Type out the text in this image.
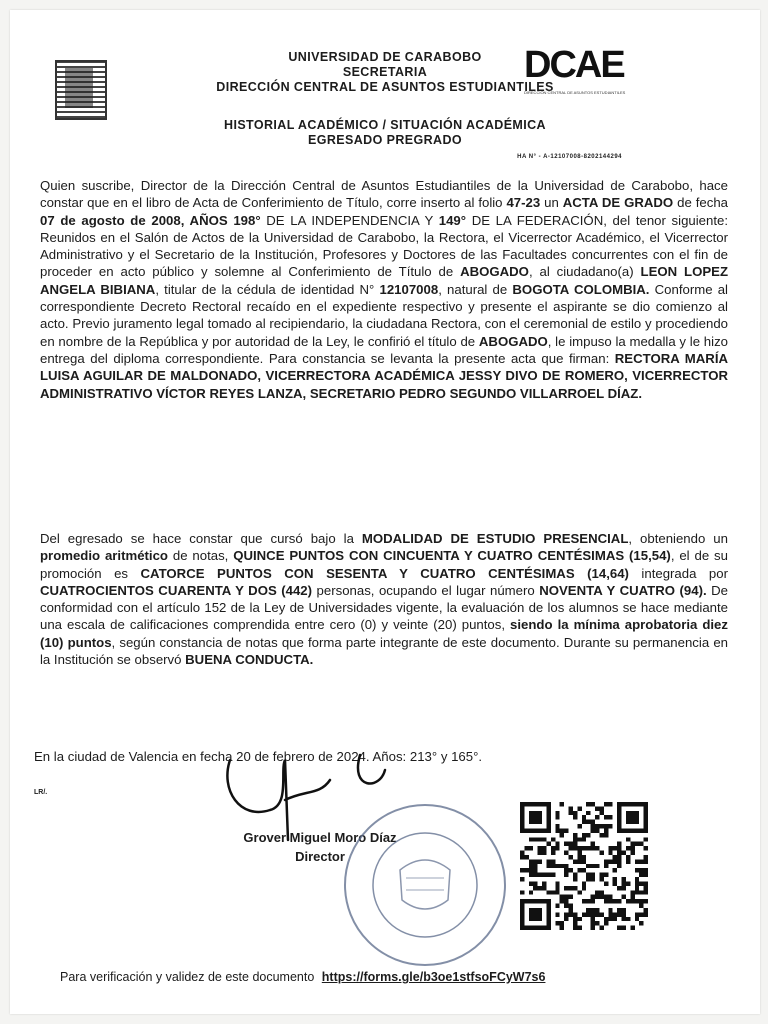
UNIVERSIDAD DE CARABOBO
SECRETARIA
DIRECCIÓN CENTRAL DE ASUNTOS ESTUDIANTILES
DCAE
DIRECCIÓN CENTRAL DE ASUNTOS ESTUDIANTILES
HISTORIAL ACADÉMICO / SITUACIÓN ACADÉMICA
EGRESADO PREGRADO
HA N° - A-12107008-8202144294
Quien suscribe, Director de la Dirección Central de Asuntos Estudiantiles de la Universidad de Carabobo, hace constar que en el libro de Acta de Conferimiento de Título, corre inserto al folio 47-23 un ACTA DE GRADO de fecha 07 de agosto de 2008, AÑOS 198° DE LA INDEPENDENCIA Y 149° DE LA FEDERACIÓN, del tenor siguiente: Reunidos en el Salón de Actos de la Universidad de Carabobo, la Rectora, el Vicerrector Académico, el Vicerrector Administrativo y el Secretario de la Institución, Profesores y Doctores de las Facultades concurrentes con el fin de proceder en acto público y solemne al Conferimiento de Título de ABOGADO, al ciudadano(a) LEON LOPEZ ANGELA BIBIANA, titular de la cédula de identidad N° 12107008, natural de BOGOTA COLOMBIA. Conforme al correspondiente Decreto Rectoral recaído en el expediente respectivo y presente el aspirante se dio comienzo al acto. Previo juramento legal tomado al recipiendario, la ciudadana Rectora, con el ceremonial de estilo y procediendo en nombre de la República y por autoridad de la Ley, le confirió el título de ABOGADO, le impuso la medalla y le hizo entrega del diploma correspondiente. Para constancia se levanta la presente acta que firman: RECTORA MARÍA LUISA AGUILAR DE MALDONADO, VICERRECTORA ACADÉMICA JESSY DIVO DE ROMERO, VICERRECTOR ADMINISTRATIVO VÍCTOR REYES LANZA, SECRETARIO PEDRO SEGUNDO VILLARROEL DÍAZ.
Del egresado se hace constar que cursó bajo la MODALIDAD DE ESTUDIO PRESENCIAL, obteniendo un promedio aritmético de notas, QUINCE PUNTOS CON CINCUENTA Y CUATRO CENTÉSIMAS (15,54), el de su promoción es CATORCE PUNTOS CON SESENTA Y CUATRO CENTÉSIMAS (14,64) integrada por CUATROCIENTOS CUARENTA Y DOS (442) personas, ocupando el lugar número NOVENTA Y CUATRO (94). De conformidad con el artículo 152 de la Ley de Universidades vigente, la evaluación de los alumnos se hace mediante una escala de calificaciones comprendida entre cero (0) y veinte (20) puntos, siendo la mínima aprobatoria diez (10) puntos, según constancia de notas que forma parte integrante de este documento. Durante su permanencia en la Institución se observó BUENA CONDUCTA.
En la ciudad de Valencia en fecha 20 de febrero de 2024. Años: 213° y 165°.
LR/.
Grover Miguel Moro Díaz
Director
Para verificación y validez de este documento https://forms.gle/b3oe1stfsoFCyW7s6
